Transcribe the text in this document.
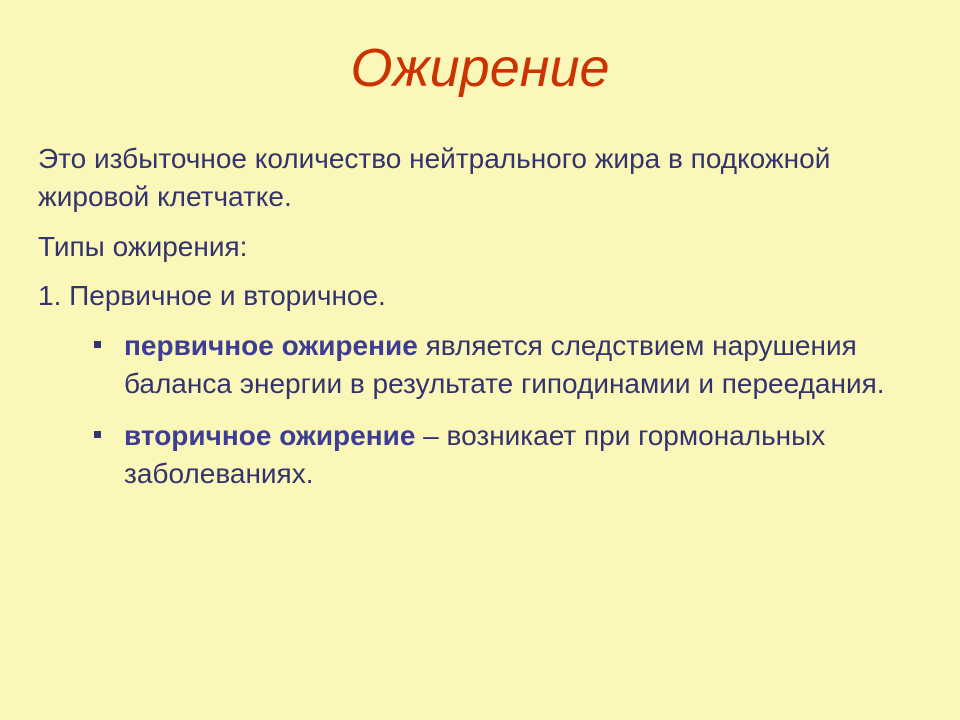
Ожирение

Это избыточное количество нейтрального жира в подкожной жировой клетчатке.

Типы ожирения:

1. Первичное и вторичное.

первичное ожирение является следствием нарушения баланса энергии в результате гиподинамии и переедания.
вторичное ожирение – возникает при гормональных заболеваниях.
